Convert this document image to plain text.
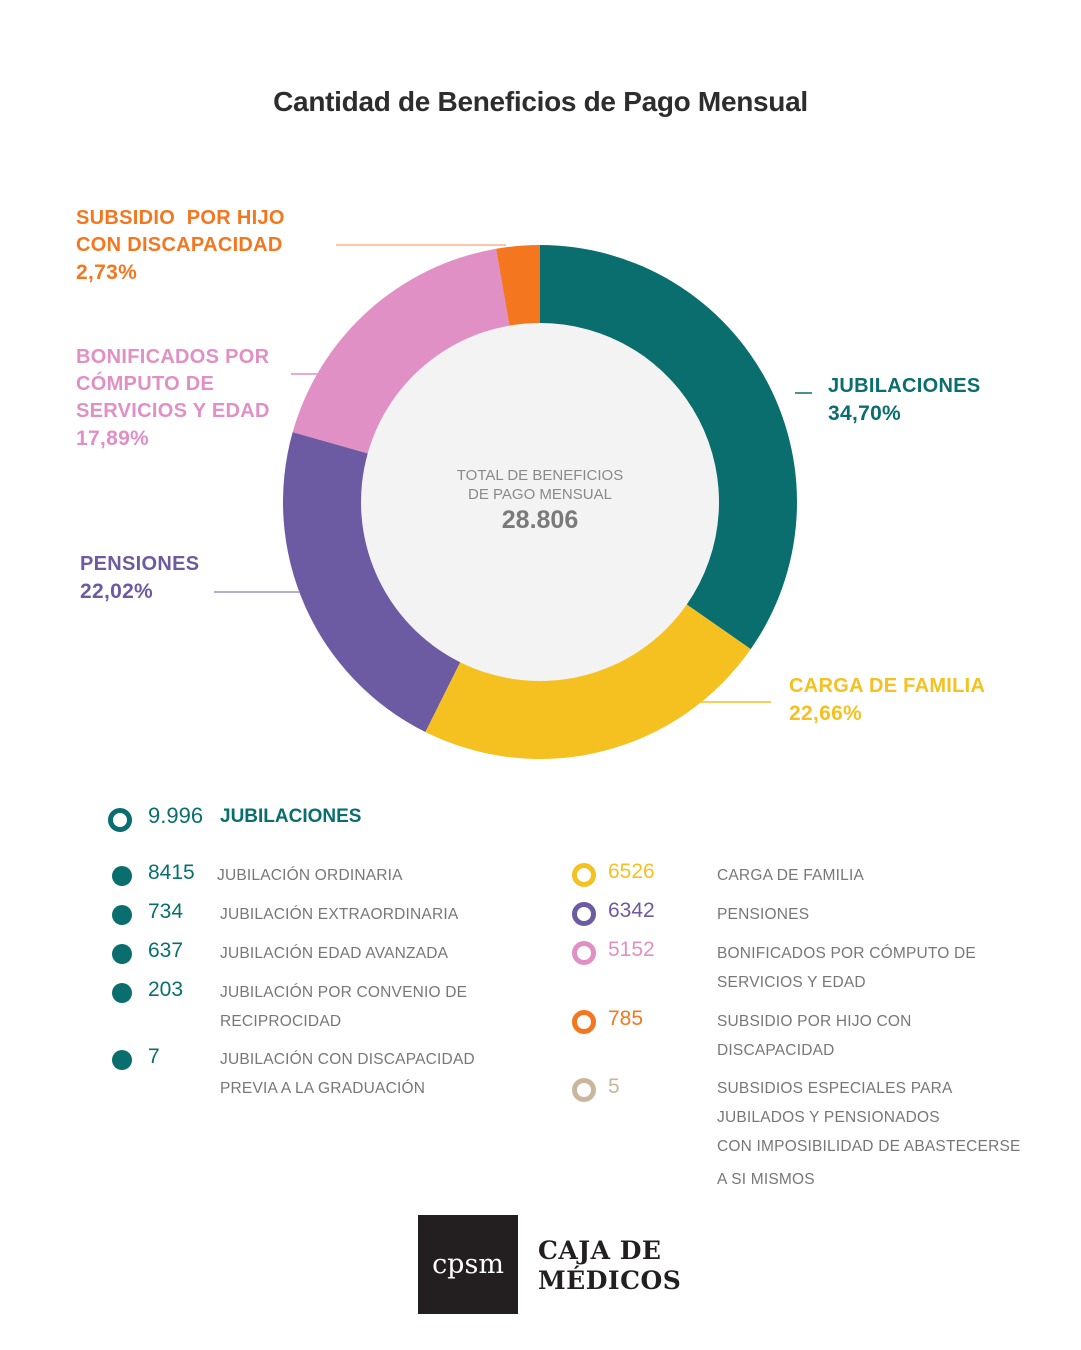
Cantidad de Beneficios de Pago Mensual
TOTAL DE BENEFICIOS
DE PAGO MENSUAL
28.806
SUBSIDIO  POR HIJO
CON DISCAPACIDAD
2,73%
BONIFICADOS POR
CÓMPUTO DE
SERVICIOS Y EDAD
17,89%
PENSIONES
22,02%
JUBILACIONES
34,70%
CARGA DE FAMILIA
22,66%
9.996 JUBILACIONES
8415 JUBILACIÓN ORDINARIA
734 JUBILACIÓN EXTRAORDINARIA
637 JUBILACIÓN EDAD AVANZADA
203 JUBILACIÓN POR CONVENIO DE
RECIPROCIDAD
7	JUBILACIÓN CON DISCAPACIDAD
PREVIA A LA GRADUACIÓN
6526	CARGA DE FAMILIA
6342	PENSIONES
5152	BONIFICADOS POR CÓMPUTO DE
SERVICIOS Y EDAD
785	SUBSIDIO POR HIJO CON
DISCAPACIDAD
5	SUBSIDIOS ESPECIALES PARA
JUBILADOS Y PENSIONADOS
CON IMPOSIBILIDAD DE ABASTECERSE
A SI MISMOS
cpsm CAJA DE
MÉDICOS
